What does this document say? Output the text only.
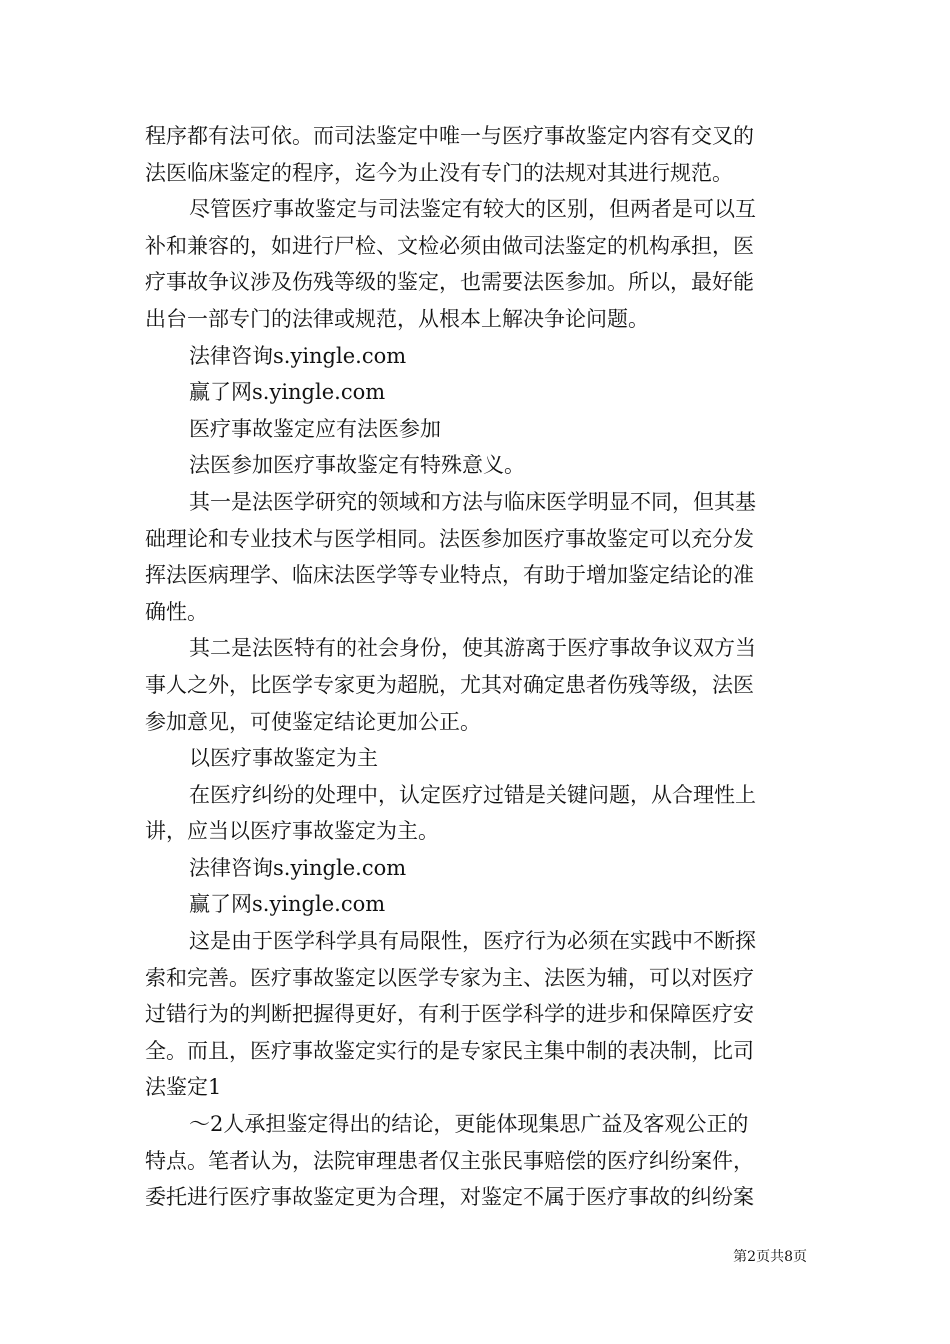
程序都有法可依。而司法鉴定中唯一与医疗事故鉴定内容有交叉的
法医临床鉴定的程序，迄今为止没有专门的法规对其进行规范。
尽管医疗事故鉴定与司法鉴定有较大的区别，但两者是可以互
补和兼容的，如进行尸检、文检必须由做司法鉴定的机构承担，医
疗事故争议涉及伤残等级的鉴定，也需要法医参加。所以，最好能
出台一部专门的法律或规范，从根本上解决争论问题。
法律咨询s.yingle.com
赢了网s.yingle.com
医疗事故鉴定应有法医参加
法医参加医疗事故鉴定有特殊意义。
其一是法医学研究的领域和方法与临床医学明显不同，但其基
础理论和专业技术与医学相同。法医参加医疗事故鉴定可以充分发
挥法医病理学、临床法医学等专业特点，有助于增加鉴定结论的准
确性。
其二是法医特有的社会身份，使其游离于医疗事故争议双方当
事人之外，比医学专家更为超脱，尤其对确定患者伤残等级，法医
参加意见，可使鉴定结论更加公正。
以医疗事故鉴定为主
在医疗纠纷的处理中，认定医疗过错是关键问题，从合理性上
讲，应当以医疗事故鉴定为主。
法律咨询s.yingle.com
赢了网s.yingle.com
这是由于医学科学具有局限性，医疗行为必须在实践中不断探
索和完善。医疗事故鉴定以医学专家为主、法医为辅，可以对医疗
过错行为的判断把握得更好，有利于医学科学的进步和保障医疗安
全。而且，医疗事故鉴定实行的是专家民主集中制的表决制，比司
法鉴定1
～2人承担鉴定得出的结论，更能体现集思广益及客观公正的
特点。笔者认为，法院审理患者仅主张民事赔偿的医疗纠纷案件，
委托进行医疗事故鉴定更为合理，对鉴定不属于医疗事故的纠纷案
第2页共8页
